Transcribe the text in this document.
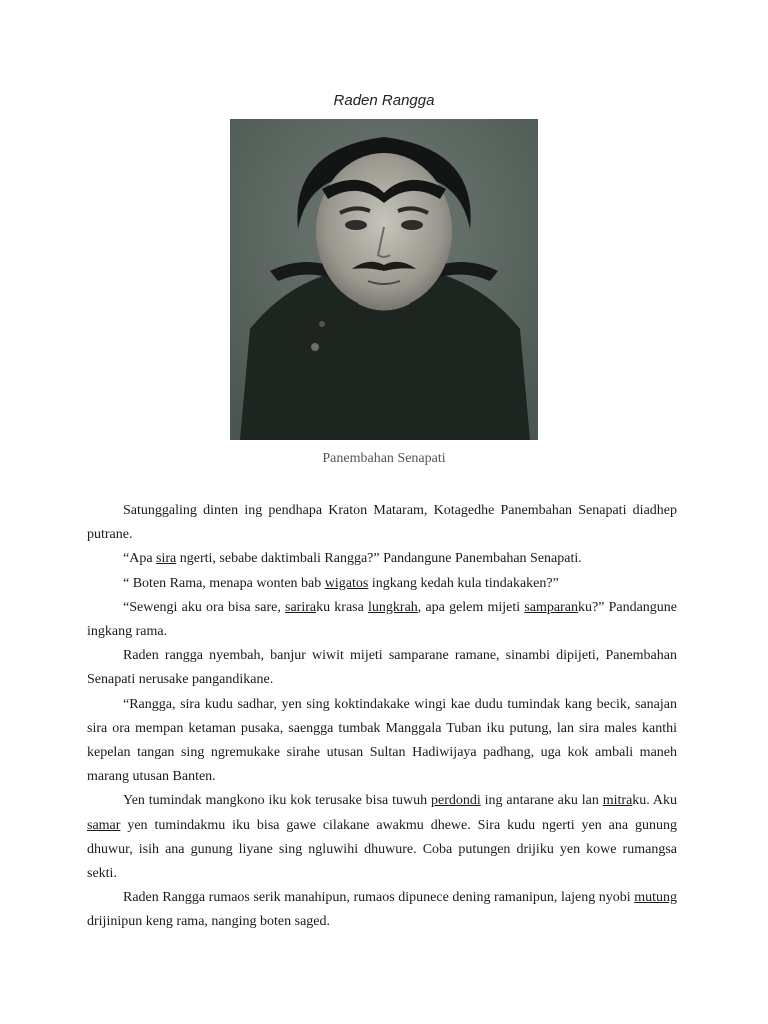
Raden Rangga
Panembahan Senapati

Satunggaling dinten ing pendhapa Kraton Mataram, Kotagedhe Panembahan Senapati diadhep putrane.

“Apa sira ngerti, sebabe daktimbali Rangga?” Pandangune Panembahan Senapati.

“ Boten Rama, menapa wonten bab wigatos ingkang kedah kula tindakaken?”

“Sewengi aku ora bisa sare, sariraku krasa lungkrah, apa gelem mijeti samparanku?” Pandangune ingkang rama.

Raden rangga nyembah, banjur wiwit mijeti samparane ramane, sinambi dipijeti, Panembahan Senapati nerusake pangandikane.

“Rangga, sira kudu sadhar, yen sing koktindakake wingi kae dudu tumindak kang becik, sanajan sira ora mempan ketaman pusaka, saengga tumbak Manggala Tuban iku putung, lan sira males kanthi kepelan tangan sing ngremukake sirahe utusan Sultan Hadiwijaya padhang, uga kok ambali maneh marang utusan Banten.

Yen tumindak mangkono iku kok terusake bisa tuwuh perdondi ing antarane aku lan mitraku. Aku samar yen tumindakmu iku bisa gawe cilakane awakmu dhewe. Sira kudu ngerti yen ana gunung dhuwur, isih ana gunung liyane sing ngluwihi dhuwure. Coba putungen drijiku yen kowe rumangsa sekti.

Raden Rangga rumaos serik manahipun, rumaos dipunece dening ramanipun, lajeng nyobi mutung drijinipun keng rama, nanging boten saged.
